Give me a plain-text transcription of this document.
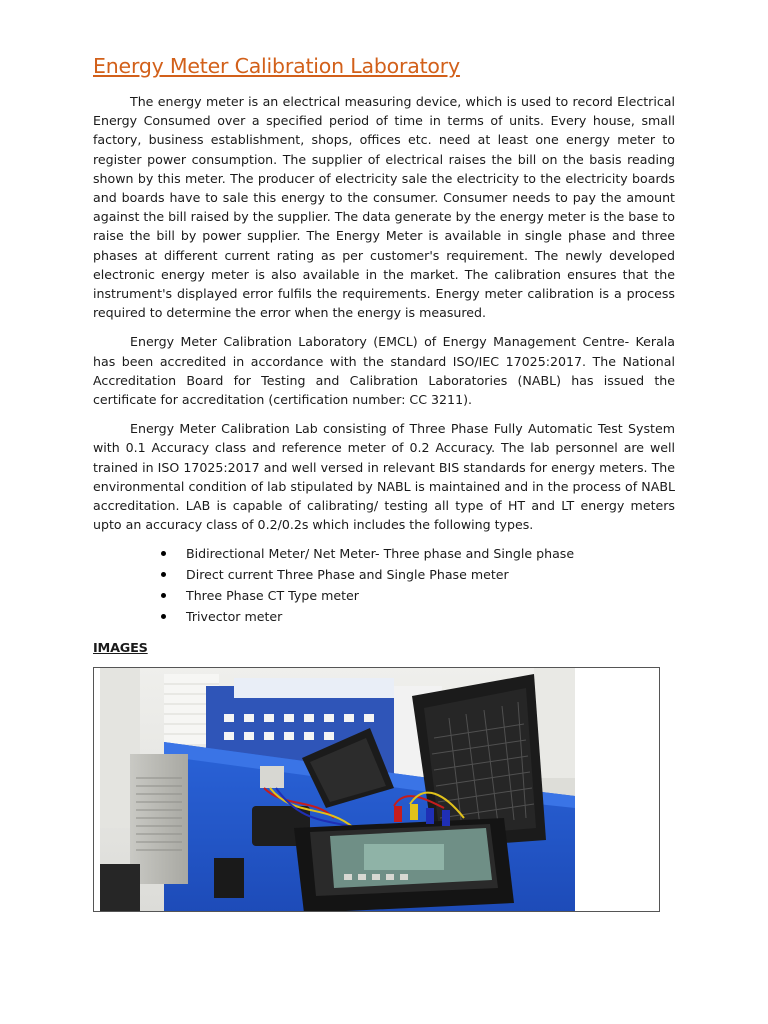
Energy Meter Calibration Laboratory

The energy meter is an electrical measuring device, which is used to record Electrical Energy Consumed over a specified period of time in terms of units. Every house, small factory, business establishment, shops, offices etc. need at least one energy meter to register power consumption. The supplier of electrical raises the bill on the basis reading shown by this meter. The producer of electricity sale the electricity to the electricity boards and boards have to sale this energy to the consumer. Consumer needs to pay the amount against the bill raised by the supplier. The data generate by the energy meter is the base to raise the bill by power supplier. The Energy Meter is available in single phase and three phases at different current rating as per customer's requirement. The newly developed electronic energy meter is also available in the market. The calibration ensures that the instrument's displayed error fulfils the requirements. Energy meter calibration is a process required to determine the error when the energy is measured.

Energy Meter Calibration Laboratory (EMCL) of Energy Management Centre- Kerala has been accredited in accordance with the standard ISO/IEC 17025:2017. The National Accreditation Board for Testing and Calibration Laboratories (NABL) has issued the certificate for accreditation (certification number: CC 3211).

Energy Meter Calibration Lab consisting of Three Phase Fully Automatic Test System with 0.1 Accuracy class and reference meter of 0.2 Accuracy. The lab personnel are well trained in ISO 17025:2017 and well versed in relevant BIS standards for energy meters. The environmental condition of lab stipulated by NABL is maintained and in the process of NABL accreditation. LAB is capable of calibrating/ testing all type of HT and LT energy meters upto an accuracy class of 0.2/0.2s which includes the following types.

Bidirectional Meter/ Net Meter- Three phase and Single phase
Direct current Three Phase and Single Phase meter
Three Phase CT Type meter
Trivector meter
IMAGES
